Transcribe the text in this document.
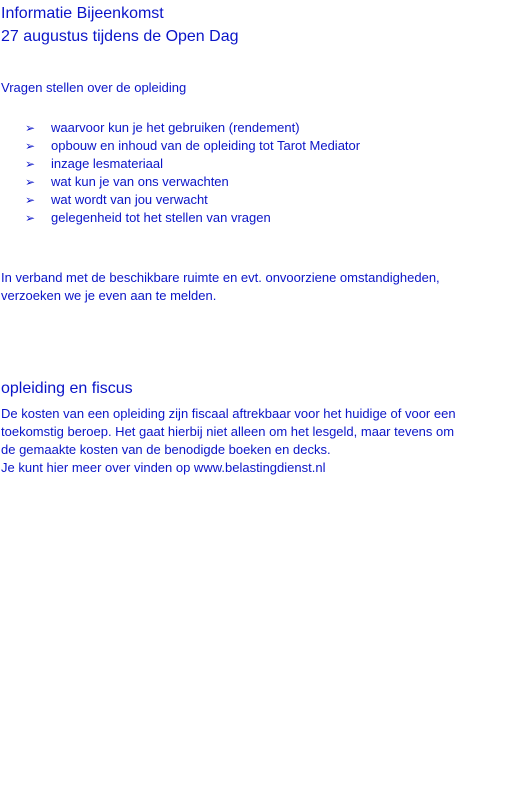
Informatie Bijeenkomst
27 augustus tijdens de Open Dag
Vragen stellen over de opleiding
➢ waarvoor kun je het gebruiken (rendement)
➢ opbouw en inhoud van de opleiding tot Tarot Mediator
➢ inzage lesmateriaal
➢ wat kun je van ons verwachten
➢ wat wordt van jou verwacht
➢ gelegenheid tot het stellen van vragen

In verband met de beschikbare ruimte en evt. onvoorziene omstandigheden,

verzoeken we je even aan te melden.

opleiding en fiscus

De kosten van een opleiding zijn fiscaal aftrekbaar voor het huidige of voor een

toekomstig beroep. Het gaat hierbij niet alleen om het lesgeld, maar tevens om

de gemaakte kosten van de benodigde boeken en decks.

Je kunt hier meer over vinden op www.belastingdienst.nl
